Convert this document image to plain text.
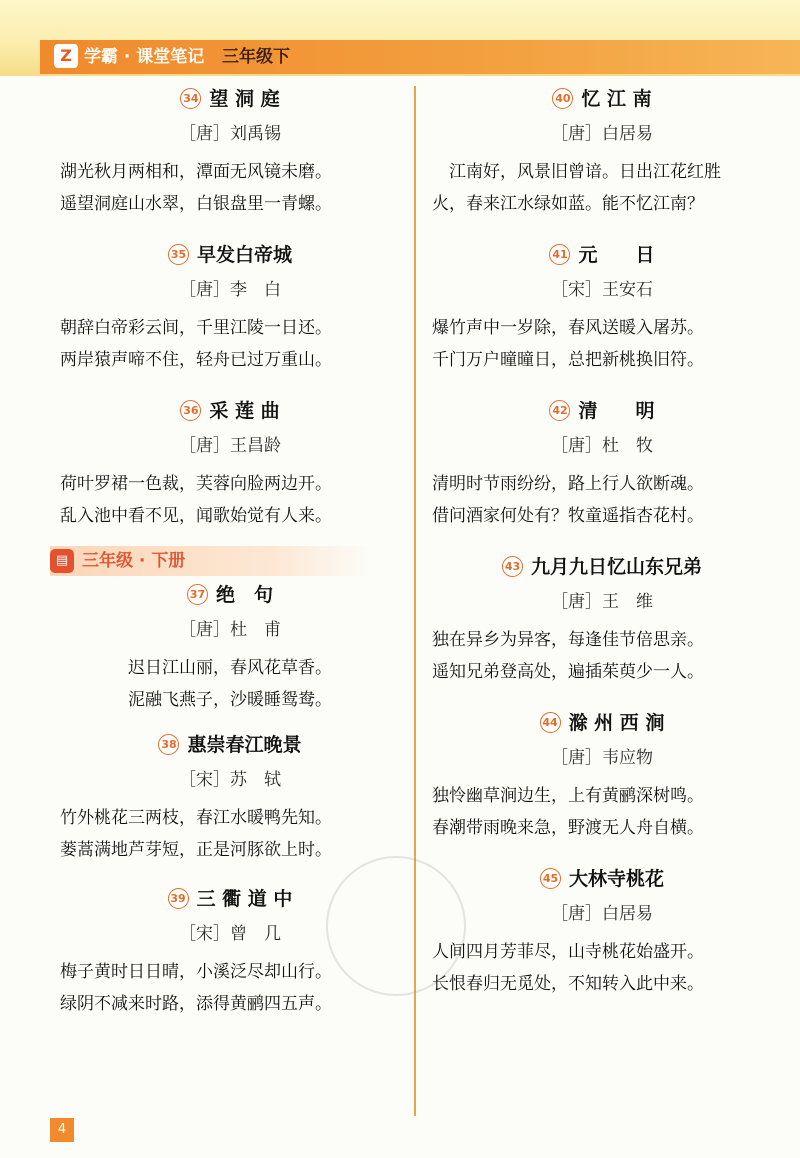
Z 学霸 · 课堂笔记 三年级下
34 望 洞 庭
［唐］刘禹锡
湖光秋月两相和，潭面无风镜未磨。
遥望洞庭山水翠，白银盘里一青螺。
35 早发白帝城
［唐］李　白
朝辞白帝彩云间，千里江陵一日还。
两岸猿声啼不住，轻舟已过万重山。
36 采 莲 曲
［唐］王昌龄
荷叶罗裙一色裁，芙蓉向脸两边开。
乱入池中看不见，闻歌始觉有人来。
▤ 三年级 · 下册
37 绝　句
［唐］杜　甫
迟日江山丽，春风花草香。
泥融飞燕子，沙暖睡鸳鸯。
38 惠崇春江晚景
［宋］苏　轼
竹外桃花三两枝，春江水暖鸭先知。
蒌蒿满地芦芽短，正是河豚欲上时。
39 三 衢 道 中
［宋］曾　几
梅子黄时日日晴，小溪泛尽却山行。
绿阴不减来时路，添得黄鹂四五声。
40 忆 江 南
［唐］白居易
　江南好，风景旧曾谙。日出江花红胜
火，春来江水绿如蓝。能不忆江南？
41 元　　日
［宋］王安石
爆竹声中一岁除，春风送暖入屠苏。
千门万户曈曈日，总把新桃换旧符。
42 清　　明
［唐］杜　牧
清明时节雨纷纷，路上行人欲断魂。
借问酒家何处有？牧童遥指杏花村。
43 九月九日忆山东兄弟
［唐］王　维
独在异乡为异客，每逢佳节倍思亲。
遥知兄弟登高处，遍插茱萸少一人。
44 滁 州 西 涧
［唐］韦应物
独怜幽草涧边生，上有黄鹂深树鸣。
春潮带雨晚来急，野渡无人舟自横。
45 大林寺桃花
［唐］白居易
人间四月芳菲尽，山寺桃花始盛开。
长恨春归无觅处，不知转入此中来。
4
